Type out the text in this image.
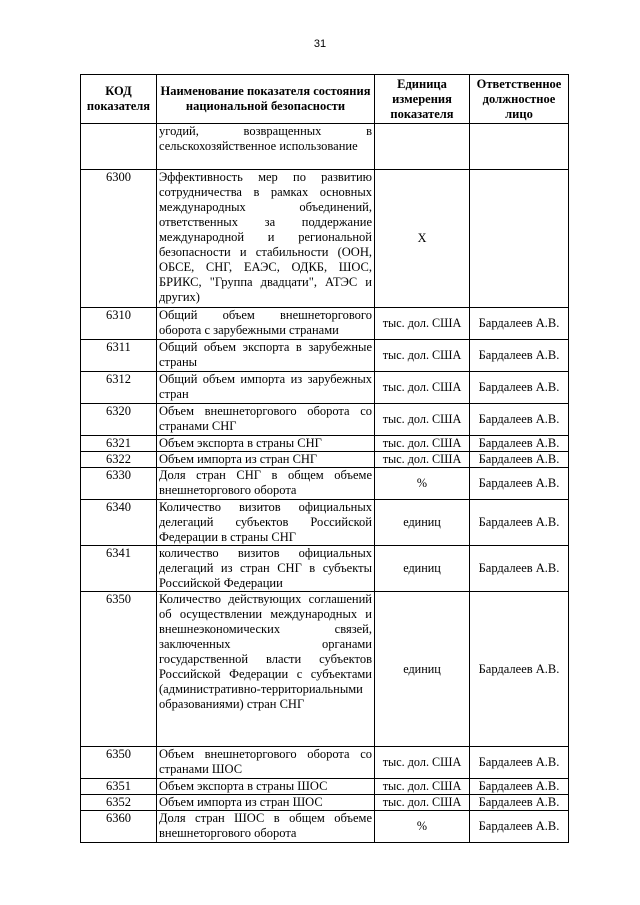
31
КОД показателя	Наименование показателя состояния национальной безопасности	Единица измерения показателя	Ответственное должностное лицо
	угодий, возвращенных в сельскохозяйственное использование		
6300	Эффективность мер по развитию сотрудничества в рамках основных международных объединений, ответственных за поддержание международной и региональной безопасности и стабильности (ООН, ОБСЕ, СНГ, ЕАЭС, ОДКБ, ШОС, БРИКС, "Группа двадцати", АТЭС и других)	Х	
6310	Общий объем внешнеторгового оборота с зарубежными странами	тыс. дол. США	Бардалеев А.В.
6311	Общий объем экспорта в зарубежные страны	тыс. дол. США	Бардалеев А.В.
6312	Общий объем импорта из зарубежных стран	тыс. дол. США	Бардалеев А.В.
6320	Объем внешнеторгового оборота со странами СНГ	тыс. дол. США	Бардалеев А.В.
6321	Объем экспорта в страны СНГ	тыс. дол. США	Бардалеев А.В.
6322	Объем импорта из стран СНГ	тыс. дол. США	Бардалеев А.В.
6330	Доля стран СНГ в общем объеме внешнеторгового оборота	%	Бардалеев А.В.
6340	Количество визитов официальных делегаций субъектов Российской Федерации в страны СНГ	единиц	Бардалеев А.В.
6341	количество визитов официальных делегаций из стран СНГ в субъекты Российской Федерации	единиц	Бардалеев А.В.
6350	Количество действующих соглашений об осуществлении международных и внешнеэкономических связей, заключенных органами государственной власти субъектов Российской Федерации с субъектами (административно-территориальными образованиями) стран СНГ	единиц	Бардалеев А.В.
6350	Объем внешнеторгового оборота со странами ШОС	тыс. дол. США	Бардалеев А.В.
6351	Объем экспорта в страны ШОС	тыс. дол. США	Бардалеев А.В.
6352	Объем импорта из стран ШОС	тыс. дол. США	Бардалеев А.В.
6360	Доля стран ШОС в общем объеме внешнеторгового оборота	%	Бардалеев А.В.
